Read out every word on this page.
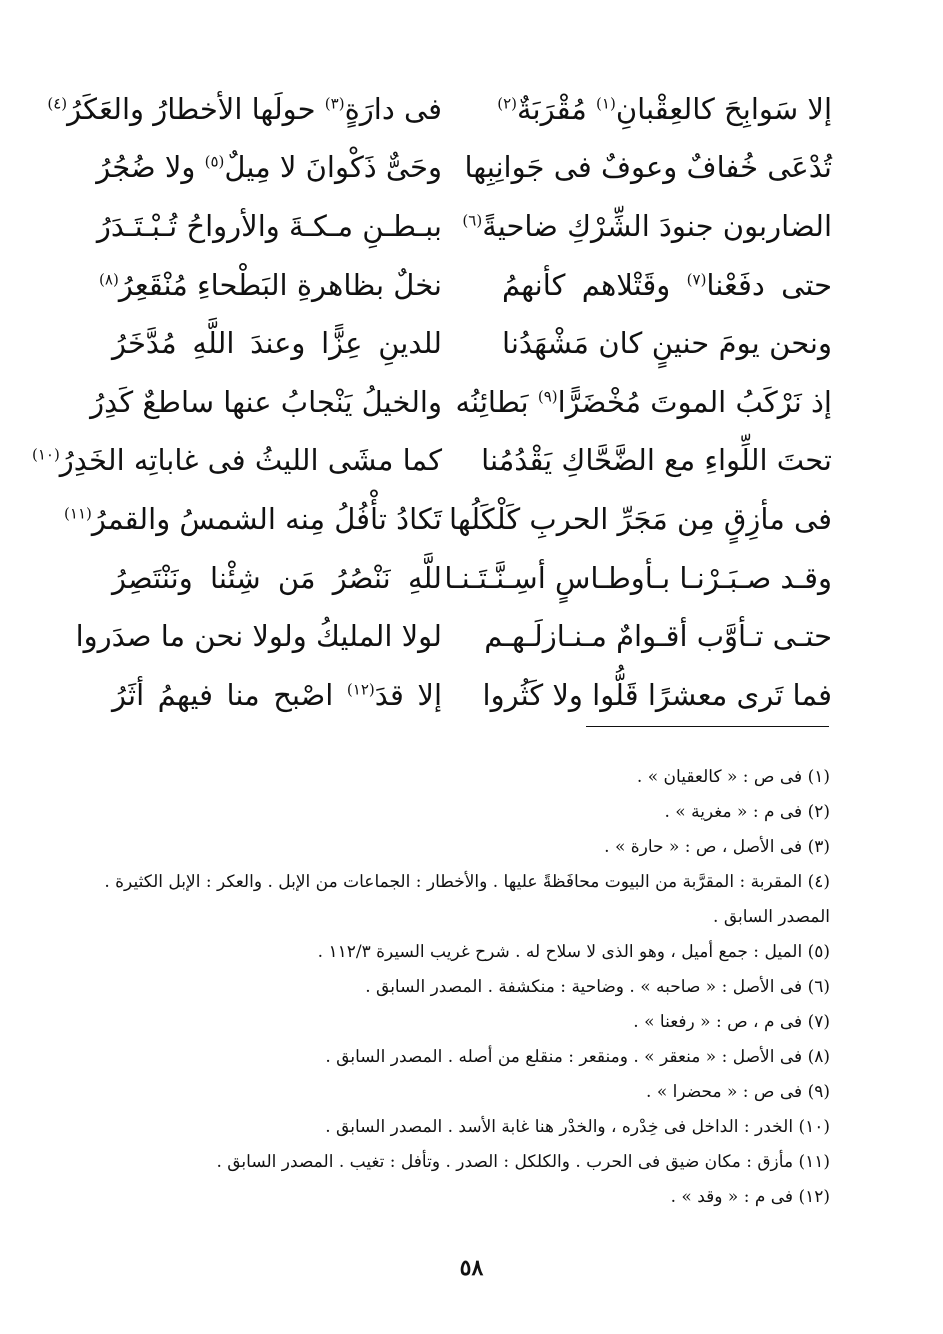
إلا سَوابِحَ كالعِقْبانِ$^{(١)}$ مُقْرَبَةٌ$^{(٢)}$
فى دارَةٍ$^{(٣)}$ حولَها الأخطارُ والعَكَرُ$^{(٤)}$
تُدْعَى خُفافٌ وعوفٌ فى جَوانِبِها
وحَىٌّ ذَكْوانَ لا مِيلٌ$^{(٥)}$ ولا ضُجُرُ
الضاربون جنودَ الشِّرْكِ ضاحيةً$^{(٦)}$
ببـطـنِ مـكـةَ والأرواحُ تُـبْـتَـدَرُ
حتى دفَعْنا$^{(٧)}$ وقَتْلاهم كأنهمُ
نخلٌ بظاهرةِ البَطْحاءِ مُنْقَعِرُ$^{(٨)}$
ونحن يومَ حنينٍ كان مَشْهَدُنا
للدينِ عِزًّا وعندَ اللَّهِ مُدَّخَرُ
إذ نَرْكَبُ الموتَ مُخْضَرًّا$^{(٩)}$ بَطائِنُه
والخيلُ يَنْجابُ عنها ساطعٌ كَدِرُ
تحتَ اللِّواءِ مع الضَّحَّاكِ يَقْدُمُنا
كما مشَى الليثُ فى غاباتِه الخَدِرُ$^{(١٠)}$
فى مأزِقٍ مِن مَجَرِّ الحربِ كَلْكَلُها
تَكادُ تأْفُلُ مِنه الشمسُ والقمرُ$^{(١١)}$
وقـد صـبَـرْنـا بـأوطـاسٍ أسِـنَّـتَـنـا
للَّهِ نَنْصُرُ مَن شِئْنا ونَنْتَصِرُ
حتـى تـأوَّب أقـوامٌ مـنـازلَـهـم
لولا المليكُ ولولا نحن ما صدَروا
فما تَرى معشرًا قَلُّوا ولا كَثُروا
إلا قدَ$^{(١٢)}$ اصْبح منا فيهمُ أثَرُ
(١) فى ص : « كالعقيان » .
(٢) فى م : « مغرية » .
(٣) فى الأصل ، ص : « حارة » .
(٤) المقربة : المقرَّبة من البيوت محافَظةً عليها . والأخطار : الجماعات من الإبل . والعكر : الإبل الكثيرة . المصدر السابق .
(٥) الميل : جمع أميل ، وهو الذى لا سلاح له . شرح غريب السيرة ١١٢/٣ .
(٦) فى الأصل : « صاحبه » . وضاحية : منكشفة . المصدر السابق .
(٧) فى م ، ص : « رفعنا » .
(٨) فى الأصل : « منعقر » . ومنقعر : منقلع من أصله . المصدر السابق .
(٩) فى ص : « محضرا » .
(١٠) الخدر : الداخل فى خِدْره ، والخدْر هنا غابة الأسد . المصدر السابق .
(١١) مأزق : مكان ضيق فى الحرب . والكلكل : الصدر . وتأفل : تغيب . المصدر السابق .
(١٢) فى م : « وقد » .
٥٨
